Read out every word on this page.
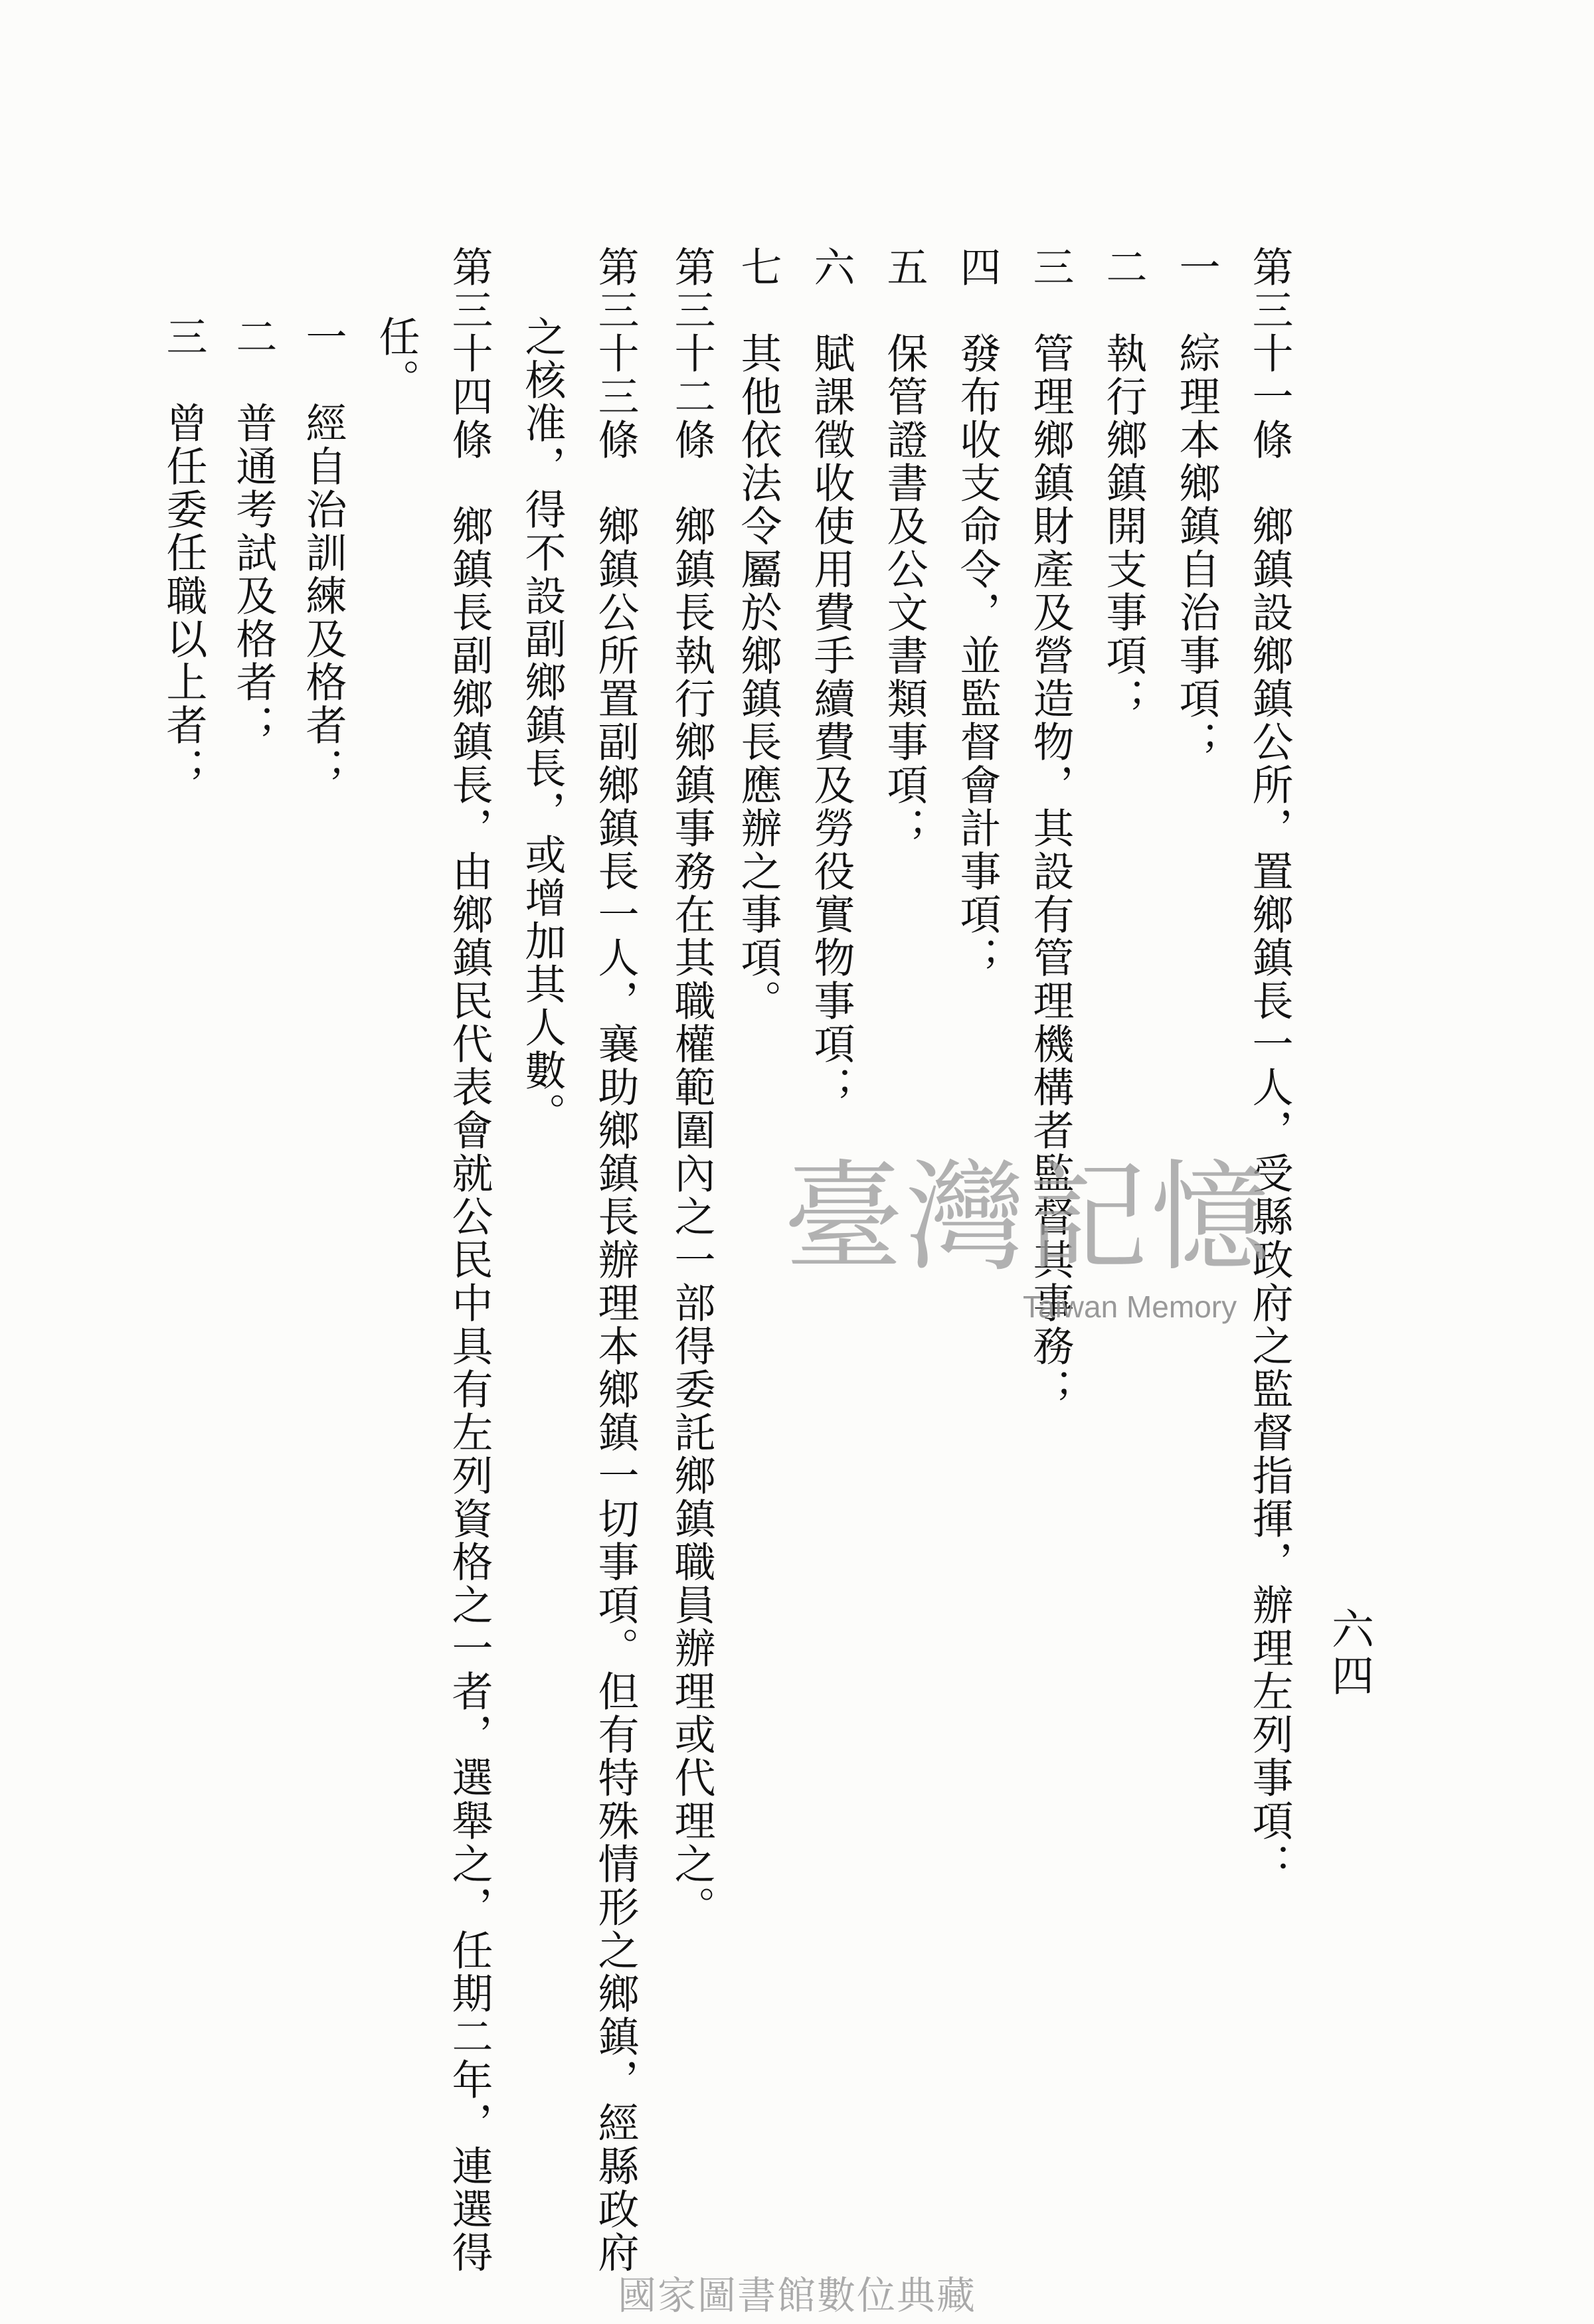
六四
第三十一條　鄉鎮設鄉鎮公所，置鄉鎮長一人，受縣政府之監督指揮，辦理左列事項：
一　綜理本鄉鎮自治事項；
二　執行鄉鎮開支事項；
三　管理鄉鎮財產及營造物，其設有管理機構者監督其事務；
四　發布收支命令，並監督會計事項；
五　保管證書及公文書類事項；
六　賦課徵收使用費手續費及勞役實物事項；
七　其他依法令屬於鄉鎮長應辦之事項。
第三十二條　鄉鎮長執行鄉鎮事務在其職權範圍內之一部得委託鄉鎮職員辦理或代理之。
第三十三條　鄉鎮公所置副鄉鎮長一人，襄助鄉鎮長辦理本鄉鎮一切事項。但有特殊情形之鄉鎮，經縣政府
之核准，得不設副鄉鎮長，或增加其人數。
第三十四條　鄉鎮長副鄉鎮長，由鄉鎮民代表會就公民中具有左列資格之一者，選舉之，任期二年，連選得
任。
一　經自治訓練及格者；
二　普通考試及格者；
三　曾任委任職以上者；
臺灣記憶
Taiwan Memory
國家圖書館數位典藏
